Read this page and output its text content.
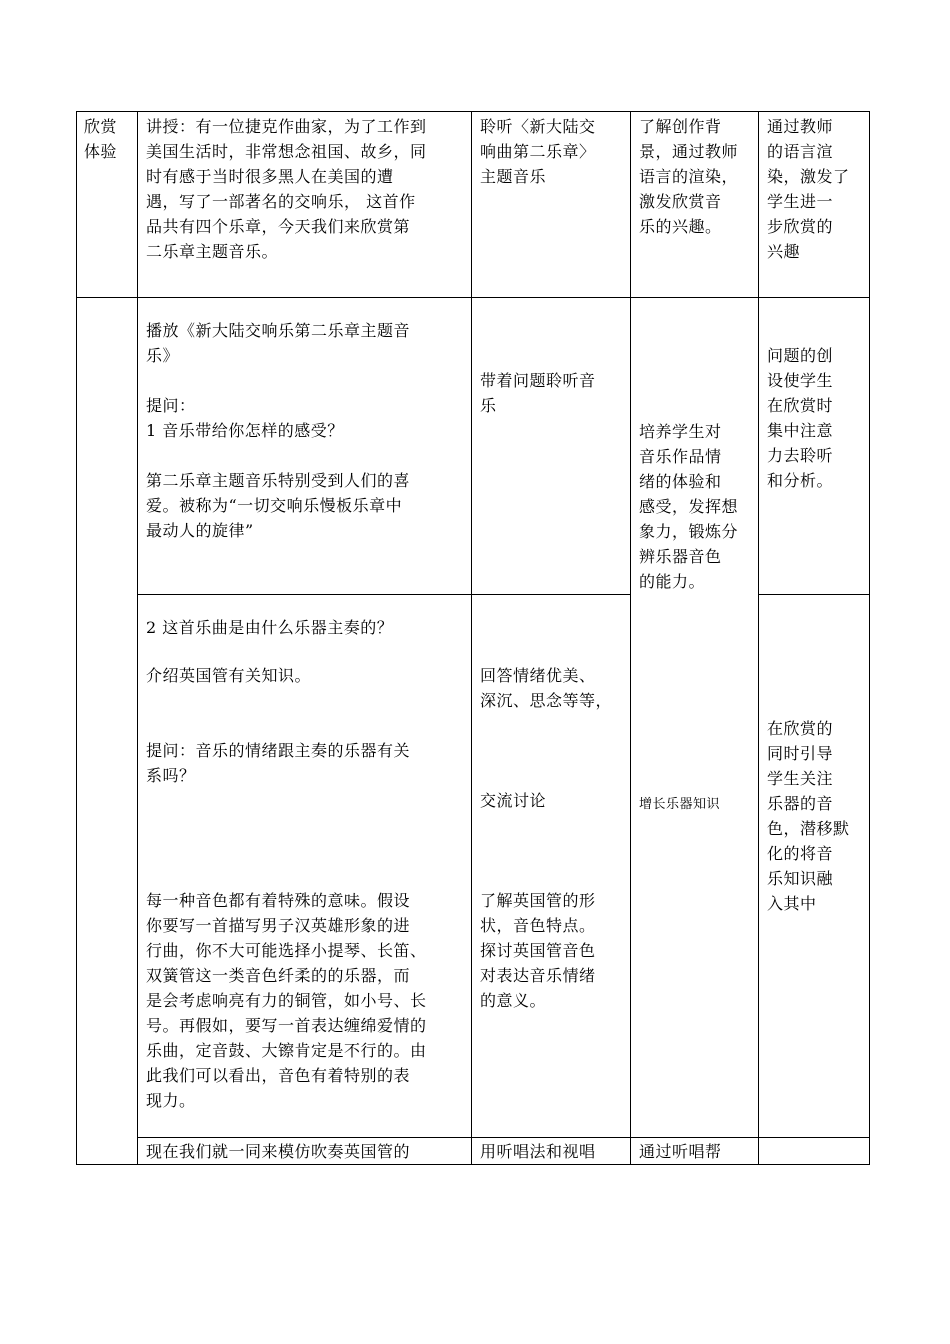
欣赏

体验

讲授：有一位捷克作曲家，为了工作到

美国生活时，非常想念祖国、故乡，同

时有感于当时很多黑人在美国的遭

遇，写了一部著名的交响乐， 这首作

品共有四个乐章，今天我们来欣赏第

二乐章主题音乐。

聆听〈新大陆交

响曲第二乐章〉

主题音乐

了解创作背

景，通过教师

语言的渲染，

激发欣赏音

乐的兴趣。

通过教师

的语言渲

染，激发了

学生进一

步欣赏的

兴趣

播放《新大陆交响乐第二乐章主题音

乐》

提问：

1 音乐带给你怎样的感受？

第二乐章主题音乐特别受到人们的喜

爱。被称为“一切交响乐慢板乐章中

最动人的旋律”

带着问题聆听音

乐

培养学生对

音乐作品情

绪的体验和

感受，发挥想

象力，锻炼分

辨乐器音色

的能力。

问题的创

设使学生

在欣赏时

集中注意

力去聆听

和分析。

2 这首乐曲是由什么乐器主奏的？

介绍英国管有关知识。

提问：音乐的情绪跟主奏的乐器有关

系吗？

每一种音色都有着特殊的意味。假设

你要写一首描写男子汉英雄形象的进

行曲，你不大可能选择小提琴、长笛、

双簧管这一类音色纤柔的的乐器，而

是会考虑响亮有力的铜管，如小号、长

号。再假如，要写一首表达缠绵爱情的

乐曲，定音鼓、大镲肯定是不行的。由

此我们可以看出，音色有着特别的表

现力。

回答情绪优美、

深沉、思念等等，

交流讨论

了解英国管的形

状，音色特点。

探讨英国管音色

对表达音乐情绪

的意义。

增长乐器知识

在欣赏的

同时引导

学生关注

乐器的音

色，潜移默

化的将音

乐知识融

入其中

现在我们就一同来模仿吹奏英国管的	用听唱法和视唱	通过听唱帮
